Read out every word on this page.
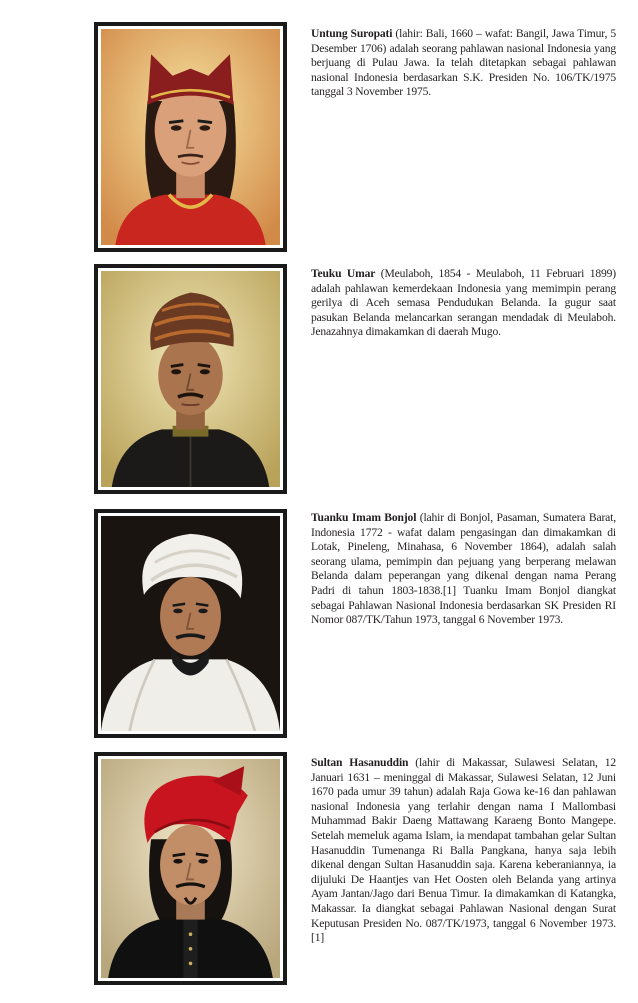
Untung Suropati (lahir: Bali, 1660 – wafat: Bangil, Jawa Timur, 5 Desember 1706) adalah seorang pahlawan nasional Indonesia yang berjuang di Pulau Jawa. Ia telah ditetapkan sebagai pahlawan nasional Indonesia berdasarkan S.K. Presiden No. 106/TK/1975 tanggal 3 November 1975.

Teuku Umar (Meulaboh, 1854 - Meulaboh, 11 Februari 1899) adalah pahlawan kemerdekaan Indonesia yang memimpin perang gerilya di Aceh semasa Pendudukan Belanda. Ia gugur saat pasukan Belanda melancarkan serangan mendadak di Meulaboh. Jenazahnya dimakamkan di daerah Mugo.

Tuanku Imam Bonjol (lahir di Bonjol, Pasaman, Sumatera Barat, Indonesia 1772 - wafat dalam pengasingan dan dimakamkan di Lotak, Pineleng, Minahasa, 6 November 1864), adalah salah seorang ulama, pemimpin dan pejuang yang berperang melawan Belanda dalam peperangan yang dikenal dengan nama Perang Padri di tahun 1803-1838.[1] Tuanku Imam Bonjol diangkat sebagai Pahlawan Nasional Indonesia berdasarkan SK Presiden RI Nomor 087/TK/Tahun 1973, tanggal 6 November 1973.

Sultan Hasanuddin (lahir di Makassar, Sulawesi Selatan, 12 Januari 1631 – meninggal di Makassar, Sulawesi Selatan, 12 Juni 1670 pada umur 39 tahun) adalah Raja Gowa ke-16 dan pahlawan nasional Indonesia yang terlahir dengan nama I Mallombasi Muhammad Bakir Daeng Mattawang Karaeng Bonto Mangepe. Setelah memeluk agama Islam, ia mendapat tambahan gelar Sultan Hasanuddin Tumenanga Ri Balla Pangkana, hanya saja lebih dikenal dengan Sultan Hasanuddin saja. Karena keberaniannya, ia dijuluki De Haantjes van Het Oosten oleh Belanda yang artinya Ayam Jantan/Jago dari Benua Timur. Ia dimakamkan di Katangka, Makassar. Ia diangkat sebagai Pahlawan Nasional dengan Surat Keputusan Presiden No. 087/TK/1973, tanggal 6 November 1973.[1]
